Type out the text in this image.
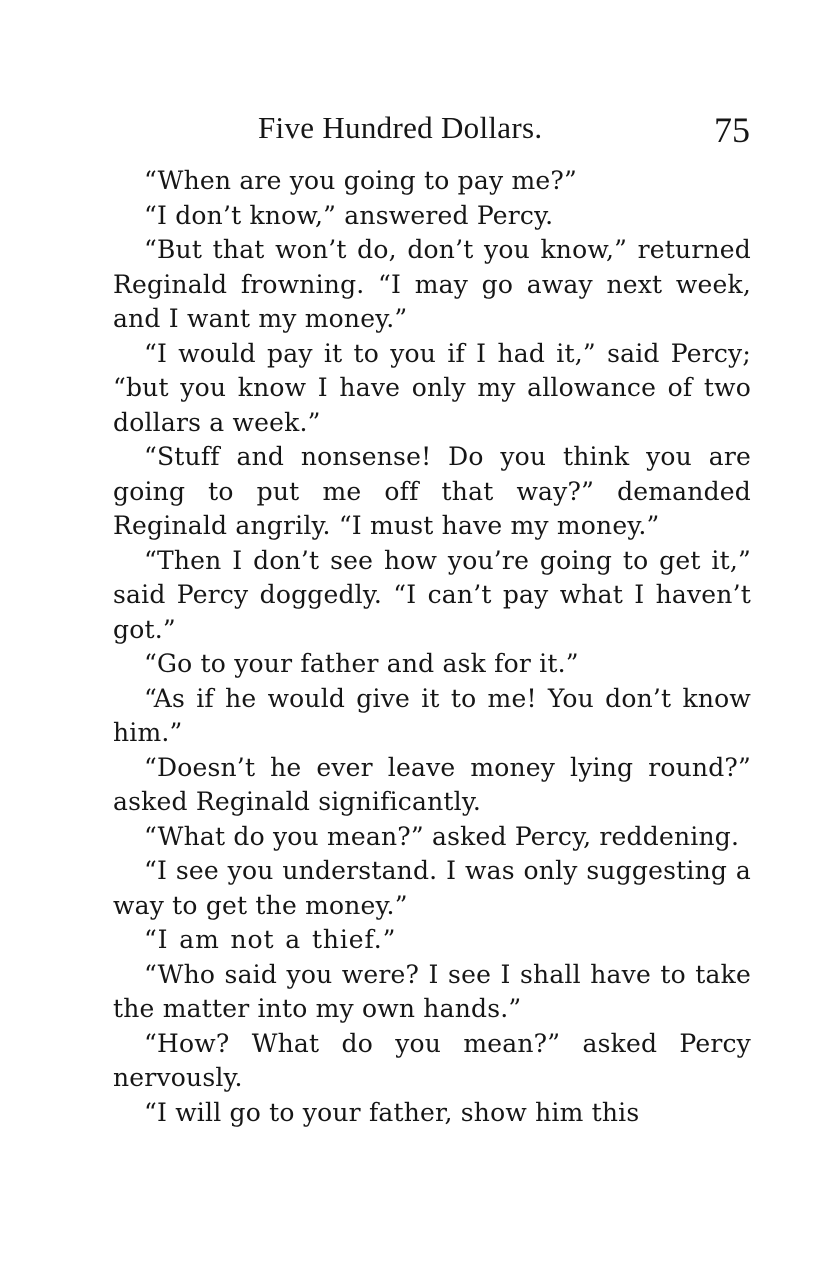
Five Hundred Dollars.	75

“When are you going to pay me?”

“I don’t know,” answered Percy.

“But that won’t do, don’t you know,” returned Reginald frowning. “I may go away next week, and I want my money.”

“I would pay it to you if I had it,” said Percy; “but you know I have only my allowance of two dollars a week.”

“Stuff and nonsense! Do you think you are going to put me off that way?” demanded Reginald angrily. “I must have my money.”

“Then I don’t see how you’re going to get it,” said Percy doggedly. “I can’t pay what I haven’t got.”

“Go to your father and ask for it.”

“As if he would give it to me! You don’t know him.”

“Doesn’t he ever leave money lying round?” asked Reginald significantly.

“What do you mean?” asked Percy, reddening.

“I see you understand. I was only suggesting a way to get the money.”

“I am not a thief.”

“Who said you were? I see I shall have to take the matter into my own hands.”

“How? What do you mean?” asked Percy nervously.

“I will go to your father, show him this
